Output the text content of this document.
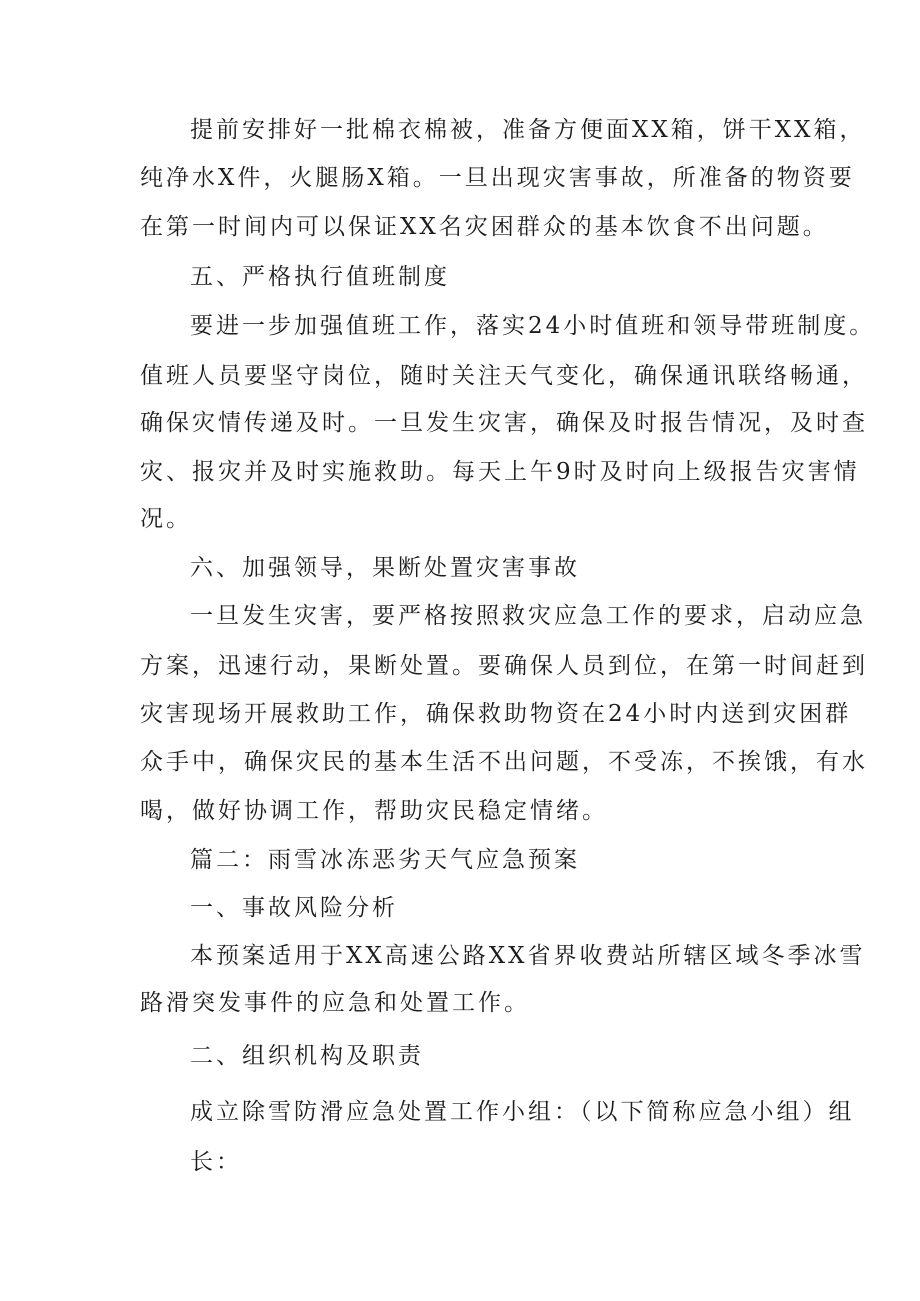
提前安排好一批棉衣棉被，准备方便面XX箱，饼干XX箱，
纯净水X件，火腿肠X箱。一旦出现灾害事故，所准备的物资要
在第一时间内可以保证XX名灾困群众的基本饮食不出问题。
五、严格执行值班制度
要进一步加强值班工作，落实24小时值班和领导带班制度。
值班人员要坚守岗位，随时关注天气变化，确保通讯联络畅通，
确保灾情传递及时。一旦发生灾害，确保及时报告情况，及时查
灾、报灾并及时实施救助。每天上午9时及时向上级报告灾害情
况。
六、加强领导，果断处置灾害事故
一旦发生灾害，要严格按照救灾应急工作的要求，启动应急
方案，迅速行动，果断处置。要确保人员到位，在第一时间赶到
灾害现场开展救助工作，确保救助物资在24小时内送到灾困群
众手中，确保灾民的基本生活不出问题，不受冻，不挨饿，有水
喝，做好协调工作，帮助灾民稳定情绪。
篇二：雨雪冰冻恶劣天气应急预案
一、事故风险分析
本预案适用于XX高速公路XX省界收费站所辖区域冬季冰雪
路滑突发事件的应急和处置工作。
二、组织机构及职责
成立除雪防滑应急处置工作小组：（以下简称应急小组）组
长：
